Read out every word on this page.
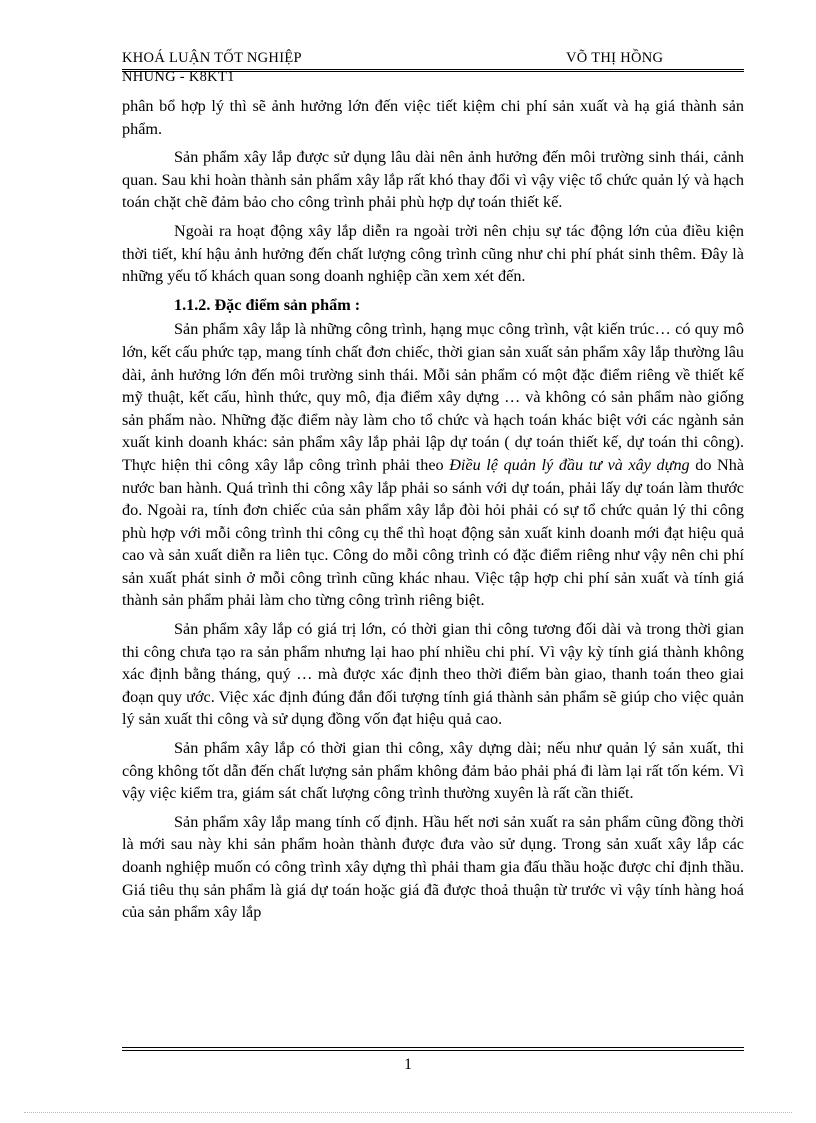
KHOÁ LUẬN TỐT NGHIỆP	VÕ THỊ HỒNG
NHUNG - K8KT1

phân bổ hợp lý thì sẽ ảnh hưởng lớn đến việc tiết kiệm chi phí sản xuất và hạ giá thành sản phẩm.

Sản phẩm xây lắp được sử dụng lâu dài nên ảnh hưởng đến môi trường sinh thái, cảnh quan. Sau khi hoàn thành sản phẩm xây lắp rất khó thay đổi vì vậy việc tổ chức quản lý và hạch toán chặt chẽ đảm bảo cho công trình phải phù hợp dự toán thiết kế.

Ngoài ra hoạt động xây lắp diễn ra ngoài trời nên chịu sự tác động lớn của điều kiện thời tiết, khí hậu ảnh hưởng đến chất lượng công trình cũng như chi phí phát sinh thêm. Đây là những yếu tố khách quan song doanh nghiệp cần xem xét đến.

1.1.2. Đặc điểm sản phẩm :

Sản phẩm xây lắp là những công trình, hạng mục công trình, vật kiến trúc… có quy mô lớn, kết cấu phức tạp, mang tính chất đơn chiếc, thời gian sản xuất sản phẩm xây lắp thường lâu dài, ảnh hưởng lớn đến môi trường sinh thái. Mỗi sản phẩm có một đặc điểm riêng về thiết kế mỹ thuật, kết cấu, hình thức, quy mô, địa điểm xây dựng … và không có sản phẩm nào giống sản phẩm nào. Những đặc điểm này làm cho tổ chức và hạch toán khác biệt với các ngành sản xuất kinh doanh khác: sản phẩm xây lắp phải lập dự toán ( dự toán thiết kế, dự toán thi công). Thực hiện thi công xây lắp công trình phải theo Điều lệ quản lý đầu tư và xây dựng do Nhà nước ban hành. Quá trình thi công xây lắp phải so sánh với dự toán, phải lấy dự toán làm thước đo. Ngoài ra, tính đơn chiếc của sản phẩm xây lắp đòi hỏi phải có sự tổ chức quản lý thi công phù hợp với mỗi công trình thi công cụ thể thì hoạt động sản xuất kinh doanh mới đạt hiệu quả cao và sản xuất diễn ra liên tục. Công do mỗi công trình có đặc điểm riêng như vậy nên chi phí sản xuất phát sinh ở mỗi công trình cũng khác nhau. Việc tập hợp chi phí sản xuất và tính giá thành sản phẩm phải làm cho từng công trình riêng biệt.

Sản phẩm xây lắp có giá trị lớn, có thời gian thi công tương đối dài và trong thời gian thi công chưa tạo ra sản phẩm nhưng lại hao phí nhiều chi phí. Vì vậy kỳ tính giá thành không xác định bằng tháng, quý … mà được xác định theo thời điểm bàn giao, thanh toán theo giai đoạn quy ước. Việc xác định đúng đắn đối tượng tính giá thành sản phẩm sẽ giúp cho việc quản lý sản xuất thi công và sử dụng đồng vốn đạt hiệu quả cao.

Sản phẩm xây lắp có thời gian thi công, xây dựng dài; nếu như quản lý sản xuất, thi công không tốt dẫn đến chất lượng sản phẩm không đảm bảo phải phá đi làm lại rất tốn kém. Vì vậy việc kiểm tra, giám sát chất lượng công trình thường xuyên là rất cần thiết.

Sản phẩm xây lắp mang tính cố định. Hầu hết nơi sản xuất ra sản phẩm cũng đồng thời là mới sau này khi sản phẩm hoàn thành được đưa vào sử dụng. Trong sản xuất xây lắp các doanh nghiệp muốn có công trình xây dựng thì phải tham gia đấu thầu hoặc được chỉ định thầu. Giá tiêu thụ sản phẩm là giá dự toán hoặc giá đã được thoả thuận từ trước vì vậy tính hàng hoá của sản phẩm xây lắp

1
